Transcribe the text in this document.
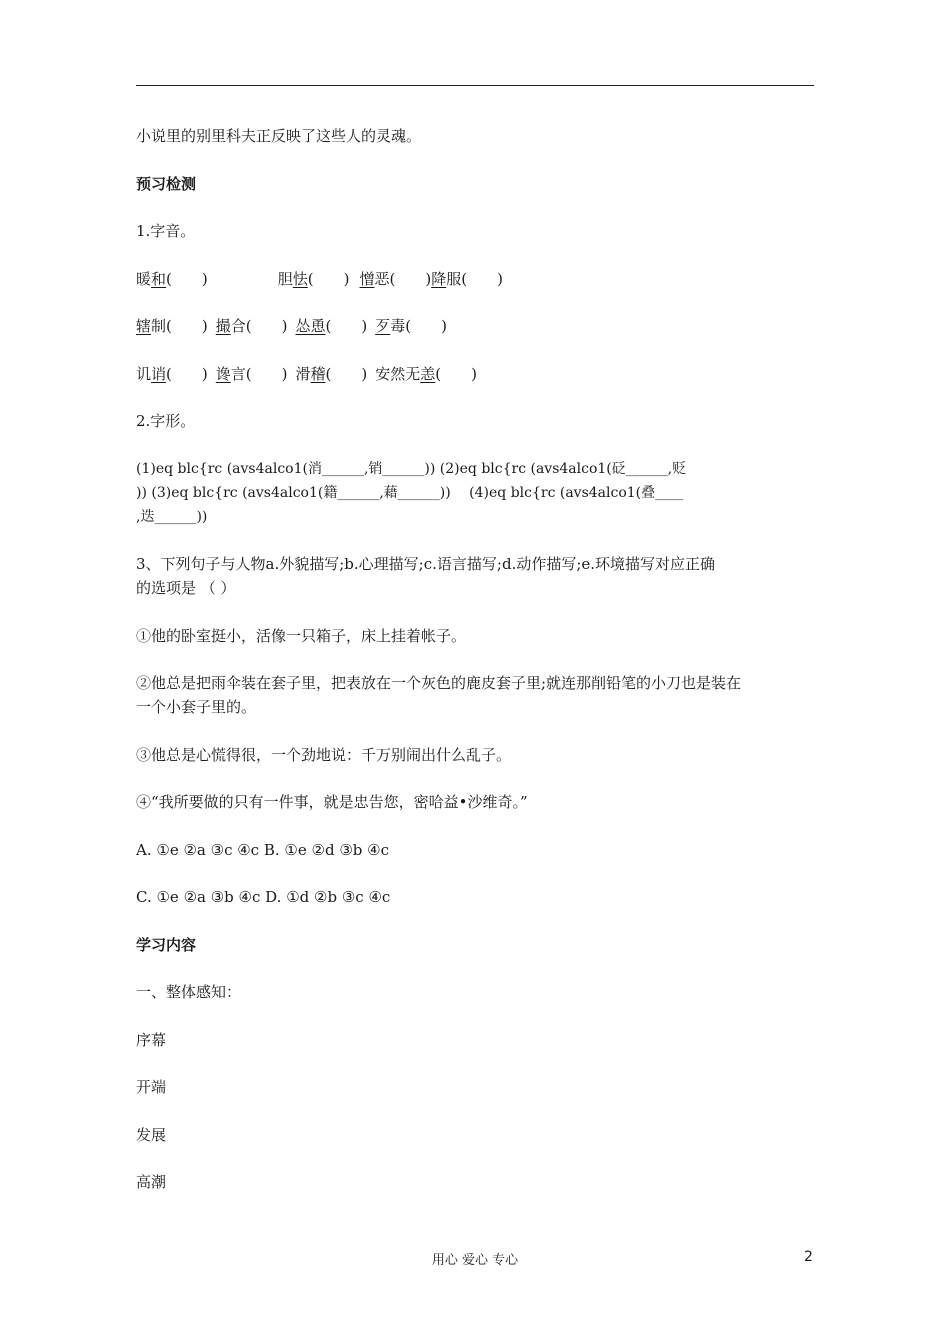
小说里的别里科夫正反映了这些人的灵魂。

预习检测

1.字音。

暖和(　　)	胆怯(　　) 憎恶(　　)降服(　　)

辖制(　　) 撮合(　　) 怂恿(　　) 歹毒(　　)

讥诮(　　) 谗言(　　) 滑稽(　　) 安然无恙(　　)

2.字形。

(1)eq blc{rc (avs4alco1(消______,销______)) (2)eq blc{rc (avs4alco1(砭______,贬

)) (3)eq blc{rc (avs4alco1(籍______,藉______))　 (4)eq blc{rc (avs4alco1(叠____

,迭______))

3、下列句子与人物a.外貌描写;b.心理描写;c.语言描写;d.动作描写;e.环境描写对应正确

的选项是 （ ）

①他的卧室挺小，活像一只箱子，床上挂着帐子。

②他总是把雨伞装在套子里，把表放在一个灰色的鹿皮套子里;就连那削铅笔的小刀也是装在

一个小套子里的。

③他总是心慌得很，一个劲地说：千万别闹出什么乱子。

④“我所要做的只有一件事，就是忠告您，密哈益•沙维奇。”

A. ①e ②a ③c ④c B. ①e ②d ③b ④c

C. ①e ②a ③b ④c D. ①d ②b ③c ④c

学习内容

一、整体感知：

序幕

开端

发展

高潮

用心 爱心 专心	2
